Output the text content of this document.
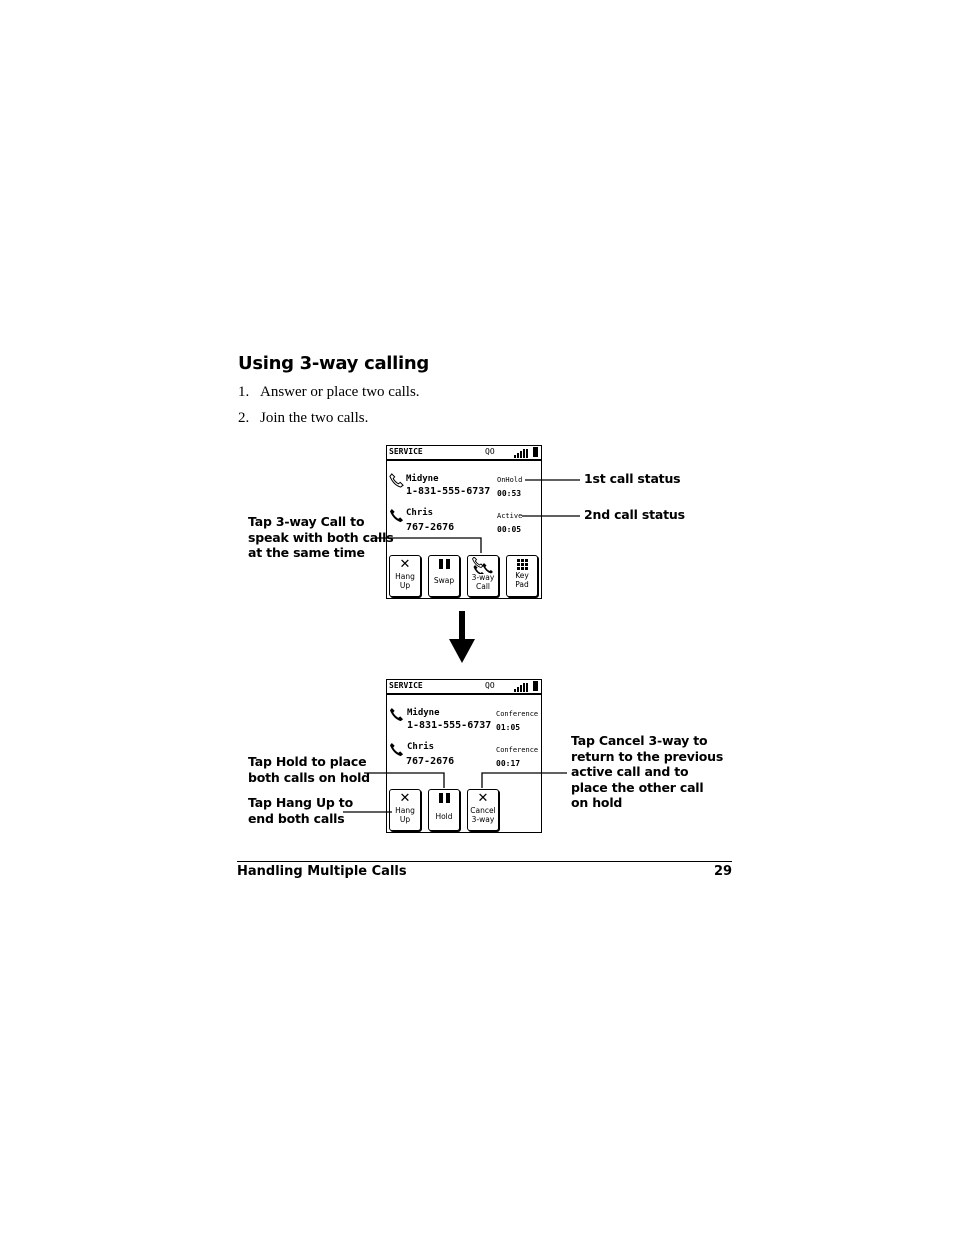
Using 3-way calling
1. Answer or place two calls.
2. Join the two calls.
SERVICE	QO
Midyne
1-831-555-6737
OnHold
00:53
Chris
767-2676
Active
00:05
✕
Hang
Up	Swap	3-way
Call
Key
Pad
SERVICE	QO
Midyne
1-831-555-6737
Conference
01:05
Chris
767-2676
Conference
00:17
✕
Hang
Up	Hold
✕
Cancel
3-way
1st call status
2nd call status
Tap 3-way Call to
speak with both calls
at the same time
Tap Hold to place
both calls on hold
Tap Hang Up to
end both calls
Tap Cancel 3-way to
return to the previous
active call and to
place the other call
on hold
Handling Multiple Calls	29
